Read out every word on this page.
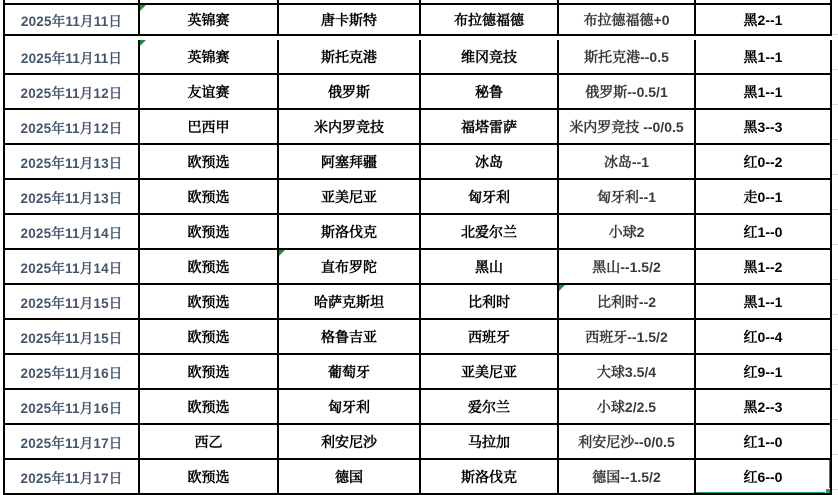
2025年11月11日	英锦赛	唐卡斯特	布拉德福德	布拉德福德+0	黑2--1
2025年11月11日	英锦赛	斯托克港	维冈竞技	斯托克港--0.5	黑1--1
2025年11月12日	友谊赛	俄罗斯	秘鲁	俄罗斯--0.5/1	黑1--1
2025年11月12日	巴西甲	米内罗竞技	福塔雷萨	米内罗竞技 --0/0.5	黑3--3
2025年11月13日	欧预选	阿塞拜疆	冰岛	冰岛--1	红0--2
2025年11月13日	欧预选	亚美尼亚	匈牙利	匈牙利--1	走0--1
2025年11月14日	欧预选	斯洛伐克	北爱尔兰	小球2	红1--0
2025年11月14日	欧预选	直布罗陀	黑山	黑山--1.5/2	黑1--2
2025年11月15日	欧预选	哈萨克斯坦	比利时	比利时--2	黑1--1
2025年11月15日	欧预选	格鲁吉亚	西班牙	西班牙--1.5/2	红0--4
2025年11月16日	欧预选	葡萄牙	亚美尼亚	大球3.5/4	红9--1
2025年11月16日	欧预选	匈牙利	爱尔兰	小球2/2.5	黑2--3
2025年11月17日	西乙	利安尼沙	马拉加	利安尼沙--0/0.5	红1--0
2025年11月17日	欧预选	德国	斯洛伐克	德国--1.5/2	红6--0
